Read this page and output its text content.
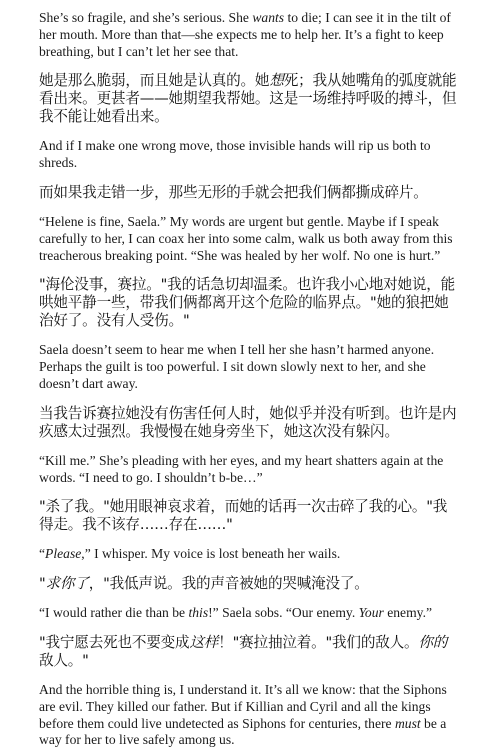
She’s so fragile, and she’s serious. She wants to die; I can see it in the tilt of her mouth. More than that—she expects me to help her. It’s a fight to keep breathing, but I can’t let her see that.

她是那么脆弱，而且她是认真的。她想死；我从她嘴角的弧度就能看出来。更甚者——她期望我帮她。这是一场维持呼吸的搏斗，但我不能让她看出来。

And if I make one wrong move, those invisible hands will rip us both to shreds.

而如果我走错一步，那些无形的手就会把我们俩都撕成碎片。

“Helene is fine, Saela.” My words are urgent but gentle. Maybe if I speak carefully to her, I can coax her into some calm, walk us both away from this treacherous breaking point. “She was healed by her wolf. No one is hurt.”

"海伦没事，赛拉。"我的话急切却温柔。也许我小心地对她说，能哄她平静一些，带我们俩都离开这个危险的临界点。"她的狼把她治好了。没有人受伤。"

Saela doesn’t seem to hear me when I tell her she hasn’t harmed anyone. Perhaps the guilt is too powerful. I sit down slowly next to her, and she doesn’t dart away.

当我告诉赛拉她没有伤害任何人时，她似乎并没有听到。也许是内疚感太过强烈。我慢慢在她身旁坐下，她这次没有躲闪。

“Kill me.” She’s pleading with her eyes, and my heart shatters again at the words. “I need to go. I shouldn’t b-be…”

"杀了我。"她用眼神哀求着，而她的话再一次击碎了我的心。"我得走。我不该存……存在……"

“Please,” I whisper. My voice is lost beneath her wails.

"求你了，"我低声说。我的声音被她的哭喊淹没了。

“I would rather die than be this!” Saela sobs. “Our enemy. Your enemy.”

"我宁愿去死也不要变成这样！"赛拉抽泣着。"我们的敌人。你的敌人。"

And the horrible thing is, I understand it. It’s all we know: that the Siphons are evil. They killed our father. But if Killian and Cyril and all the kings before them could live undetected as Siphons for centuries, there must be a way for her to live safely among us.
